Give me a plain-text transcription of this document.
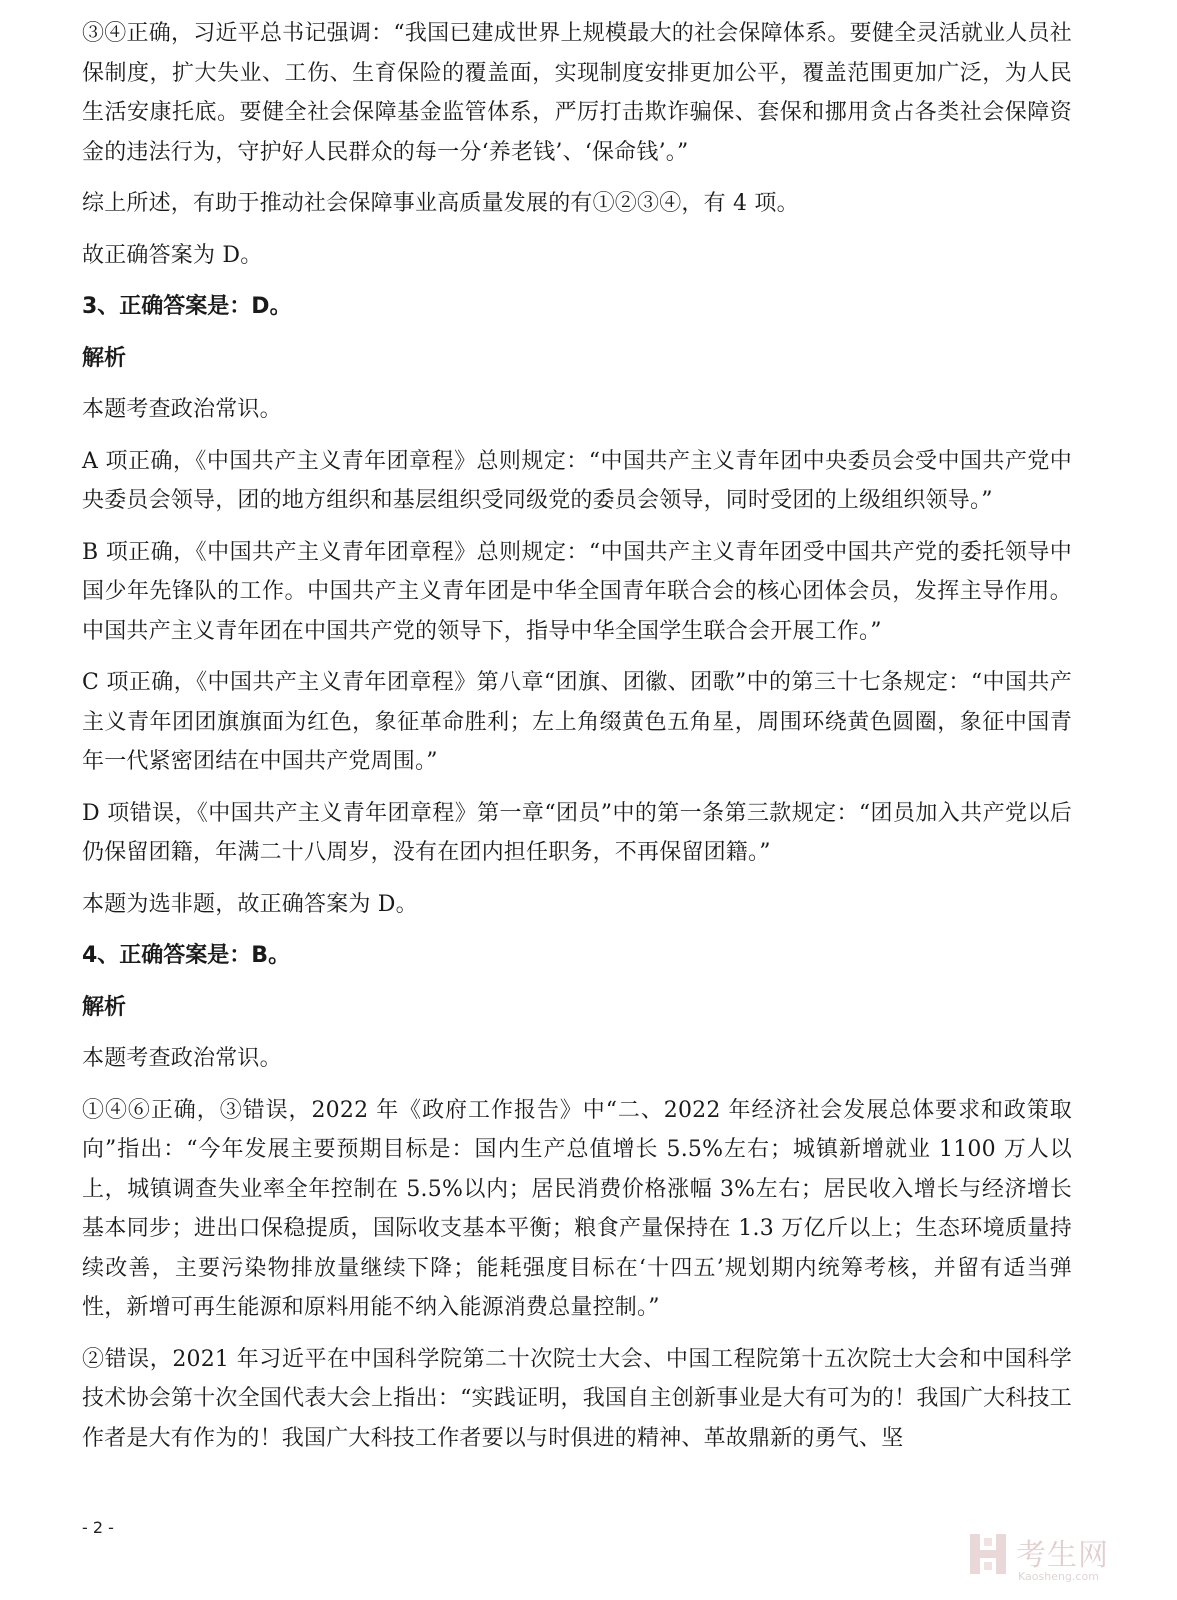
③④正确，习近平总书记强调：“我国已建成世界上规模最大的社会保障体系。要健全灵活就业人员社保制度，扩大失业、工伤、生育保险的覆盖面，实现制度安排更加公平，覆盖范围更加广泛，为人民生活安康托底。要健全社会保障基金监管体系，严厉打击欺诈骗保、套保和挪用贪占各类社会保障资金的违法行为，守护好人民群众的每一分‘养老钱’、‘保命钱’。”

综上所述，有助于推动社会保障事业高质量发展的有①②③④，有 4 项。

故正确答案为 D。

3、正确答案是：D。

解析

本题考查政治常识。

A 项正确，《中国共产主义青年团章程》总则规定：“中国共产主义青年团中央委员会受中国共产党中央委员会领导，团的地方组织和基层组织受同级党的委员会领导，同时受团的上级组织领导。”

B 项正确，《中国共产主义青年团章程》总则规定：“中国共产主义青年团受中国共产党的委托领导中国少年先锋队的工作。中国共产主义青年团是中华全国青年联合会的核心团体会员，发挥主导作用。中国共产主义青年团在中国共产党的领导下，指导中华全国学生联合会开展工作。”

C 项正确，《中国共产主义青年团章程》第八章“团旗、团徽、团歌”中的第三十七条规定：“中国共产主义青年团团旗旗面为红色，象征革命胜利；左上角缀黄色五角星，周围环绕黄色圆圈，象征中国青年一代紧密团结在中国共产党周围。”

D 项错误，《中国共产主义青年团章程》第一章“团员”中的第一条第三款规定：“团员加入共产党以后仍保留团籍，年满二十八周岁，没有在团内担任职务，不再保留团籍。”

本题为选非题，故正确答案为 D。

4、正确答案是：B。

解析

本题考查政治常识。

①④⑥正确，③错误，2022 年《政府工作报告》中“二、2022 年经济社会发展总体要求和政策取向”指出：“今年发展主要预期目标是：国内生产总值增长 5.5%左右；城镇新增就业 1100 万人以上，城镇调查失业率全年控制在 5.5%以内；居民消费价格涨幅 3%左右；居民收入增长与经济增长基本同步；进出口保稳提质，国际收支基本平衡；粮食产量保持在 1.3 万亿斤以上；生态环境质量持续改善，主要污染物排放量继续下降；能耗强度目标在‘十四五’规划期内统筹考核，并留有适当弹性，新增可再生能源和原料用能不纳入能源消费总量控制。”

②错误，2021 年习近平在中国科学院第二十次院士大会、中国工程院第十五次院士大会和中国科学技术协会第十次全国代表大会上指出：“实践证明，我国自主创新事业是大有可为的！我国广大科技工作者是大有作为的！我国广大科技工作者要以与时俱进的精神、革故鼎新的勇气、坚

- 2 -
考生网
Kaosheng.com
